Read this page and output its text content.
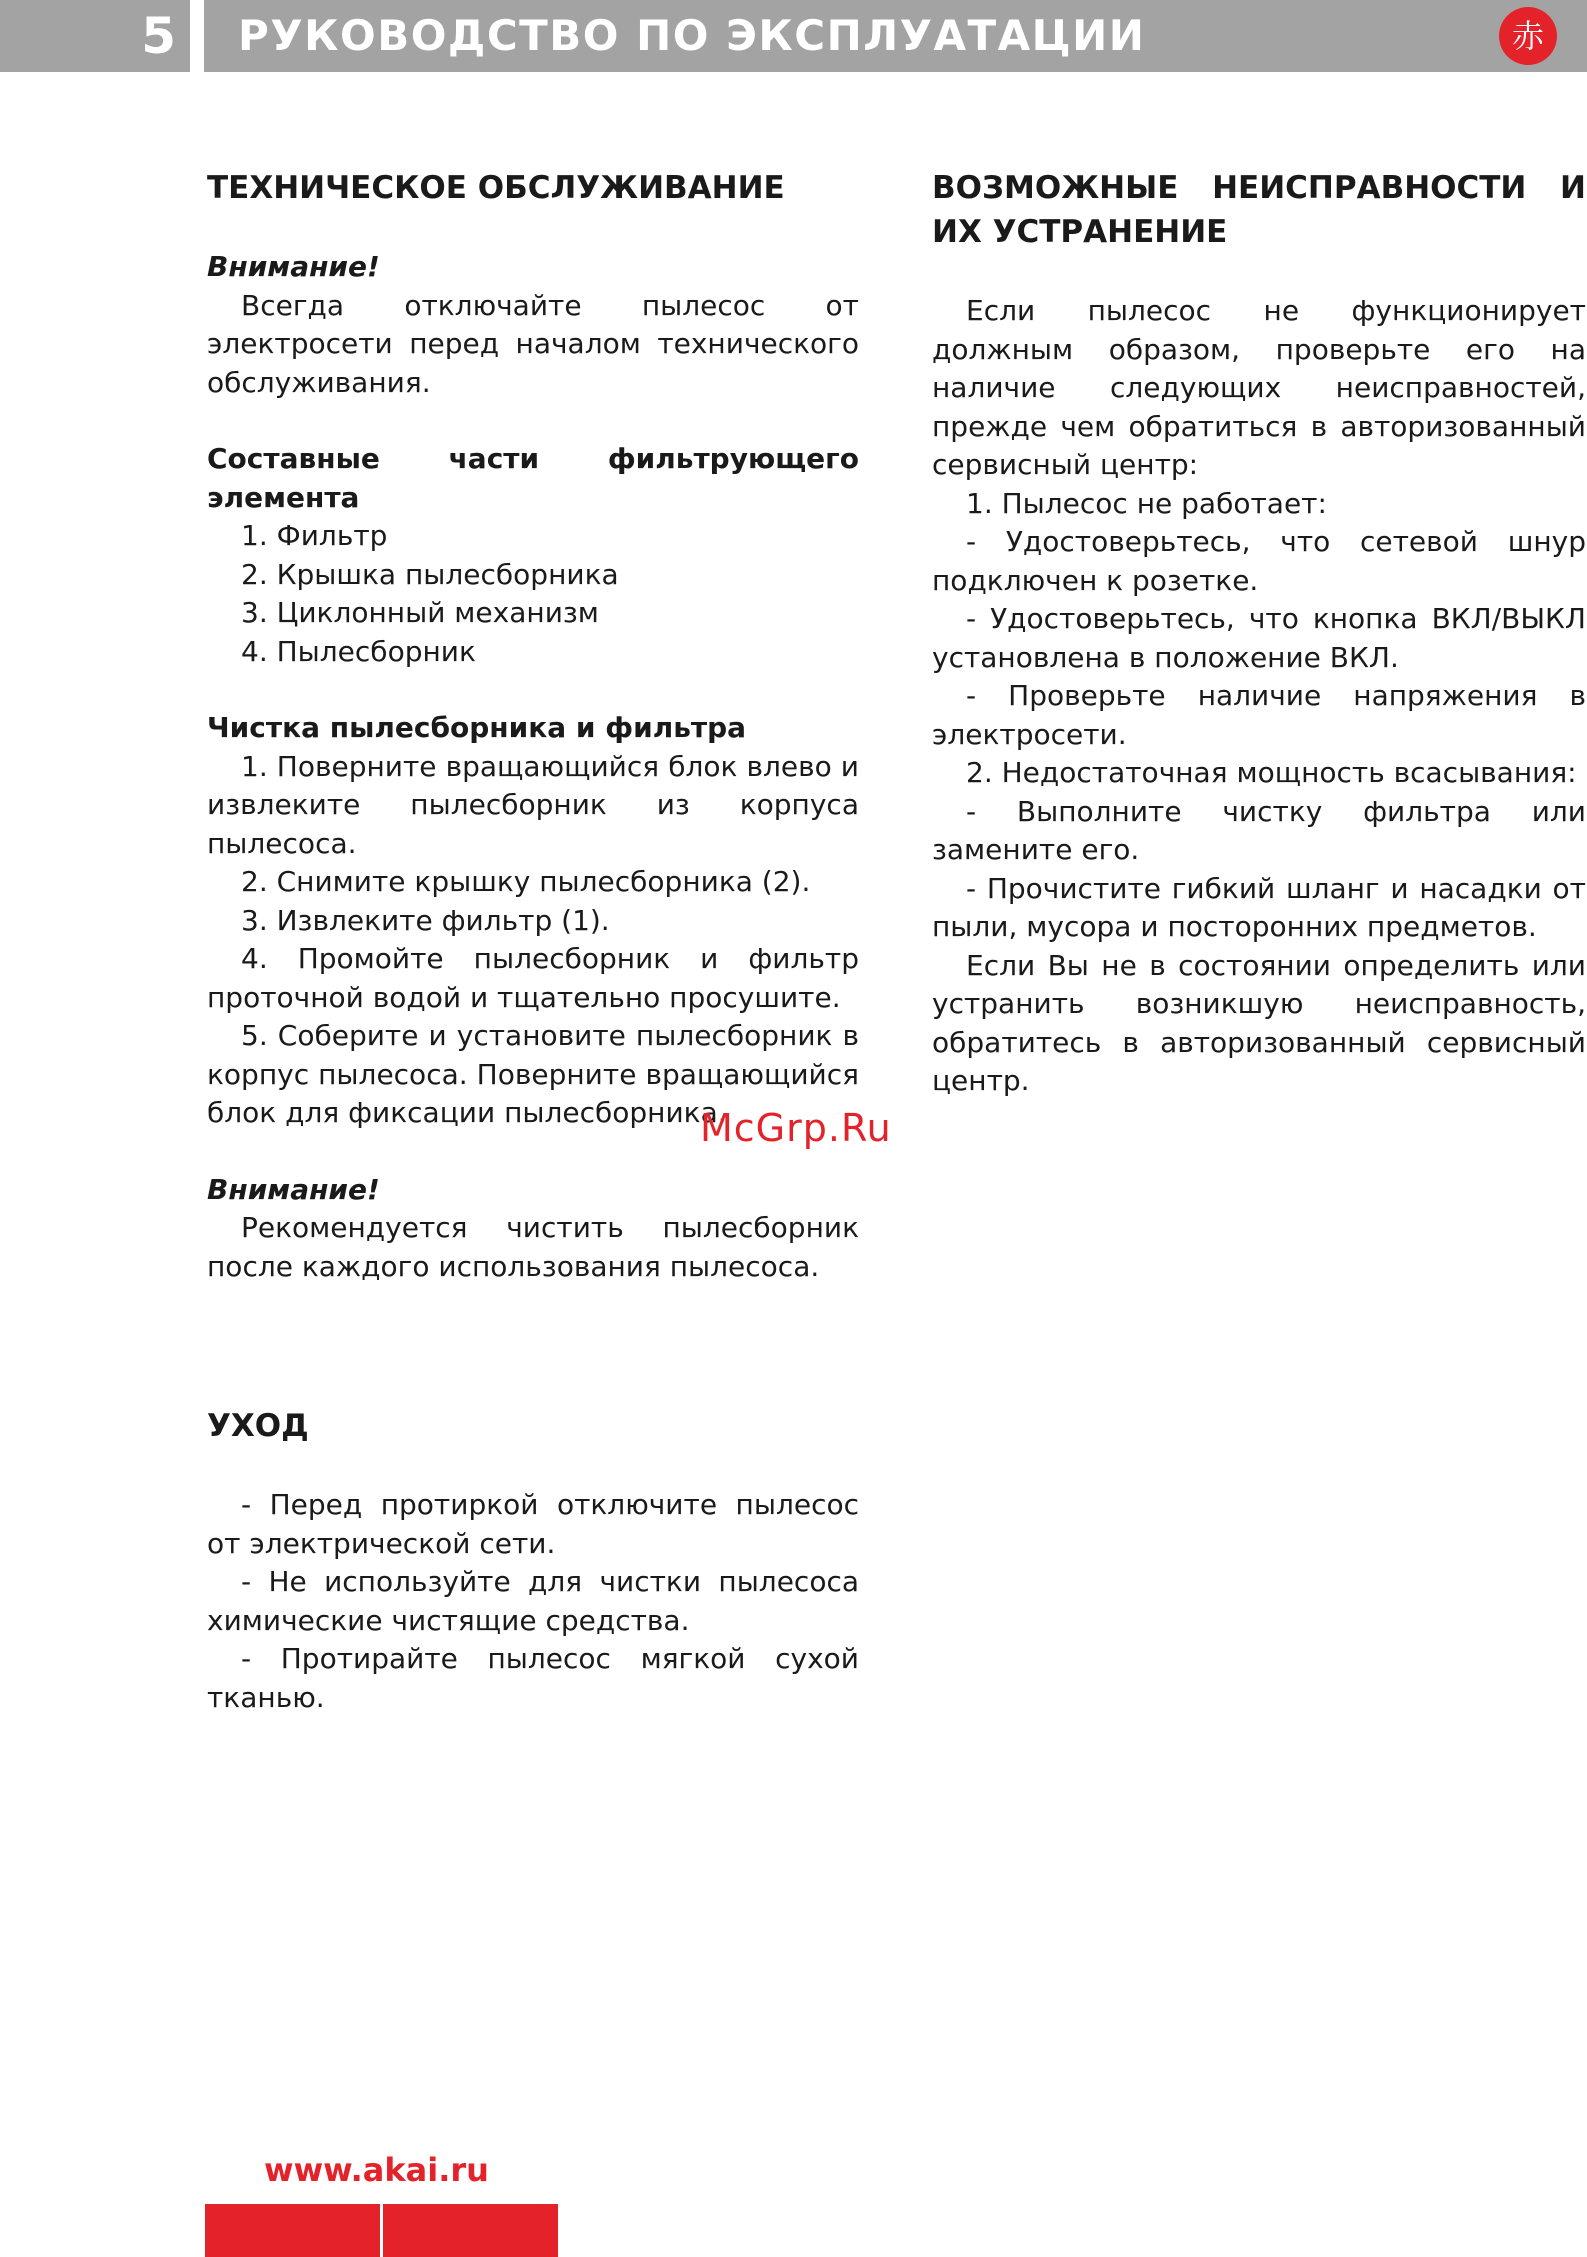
5 РУКОВОДСТВО ПО ЭКСПЛУАТАЦИИ	赤
ТЕХНИЧЕСКОЕ ОБСЛУЖИВАНИЕ

Внимание!

Всегда отключайте пылесос от электросети перед началом технического обслуживания.

Составные части фильтрующего элемента

1. Фильтр

2. Крышка пылесборника

3. Циклонный механизм

4. Пылесборник

Чистка пылесборника и фильтра

1. Поверните вращающийся блок влево и извлеките пылесборник из корпуса пылесоса.

2. Снимите крышку пылесборника (2).

3. Извлеките фильтр (1).

4. Промойте пылесборник и фильтр проточной водой и тщательно просушите.

5. Соберите и установите пылесборник в корпус пылесоса. Поверните вращающийся блок для фиксации пылесборника.

Внимание!

Рекомендуется чистить пылесборник после каждого использования пылесоса.

УХОД

- Перед протиркой отключите пылесос от электрической сети.

- Не используйте для чистки пылесоса химические чистящие средства.

- Протирайте пылесос мягкой сухой тканью.

ВОЗМОЖНЫЕ НЕИСПРАВНОСТИ И ИХ УСТРАНЕНИЕ

Если пылесос не функционирует должным образом, проверьте его на наличие следующих неисправностей, прежде чем обратиться в авторизованный сервисный центр:

1. Пылесос не работает:

- Удостоверьтесь, что сетевой шнур подключен к розетке.

- Удостоверьтесь, что кнопка ВКЛ/ВЫКЛ установлена в положение ВКЛ.

- Проверьте наличие напряжения в электросети.

2. Недостаточная мощность всасывания:

- Выполните чистку фильтра или замените его.

- Прочистите гибкий шланг и насадки от пыли, мусора и посторонних предметов.

Если Вы не в состоянии определить или устранить возникшую неисправность, обратитесь в авторизованный сервисный центр.

McGrp.Ru
www.akai.ru
